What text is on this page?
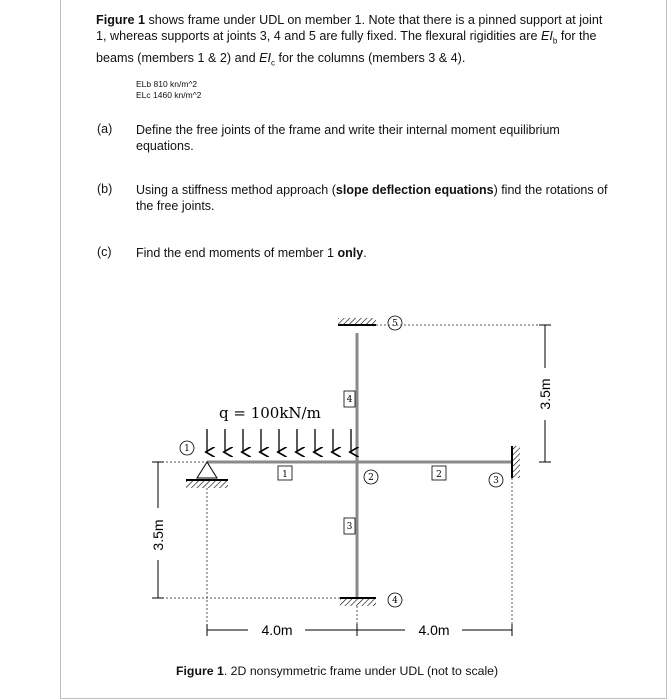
Figure 1 shows frame under UDL on member 1. Note that there is a pinned support at joint 1, whereas supports at joints 3, 4 and 5 are fully fixed. The flexural rigidities are $EI_b$ for the beams (members 1 & 2) and $EI_c$ for the columns (members 3 & 4).
ELb 810 kn/m^2
ELc 1460 kn/m^2
(a) Define the free joints of the frame and write their internal moment equilibrium equations.
(b) Using a stiffness method approach (slope deflection equations) find the rotations of the free joints.
(c) Find the end moments of member 1 only.
q = 100kN/m
1
2	3
4
5
1	2
3
4
3.5m
3.5m
4.0m	4.0m
Figure 1. 2D nonsymmetric frame under UDL (not to scale)
